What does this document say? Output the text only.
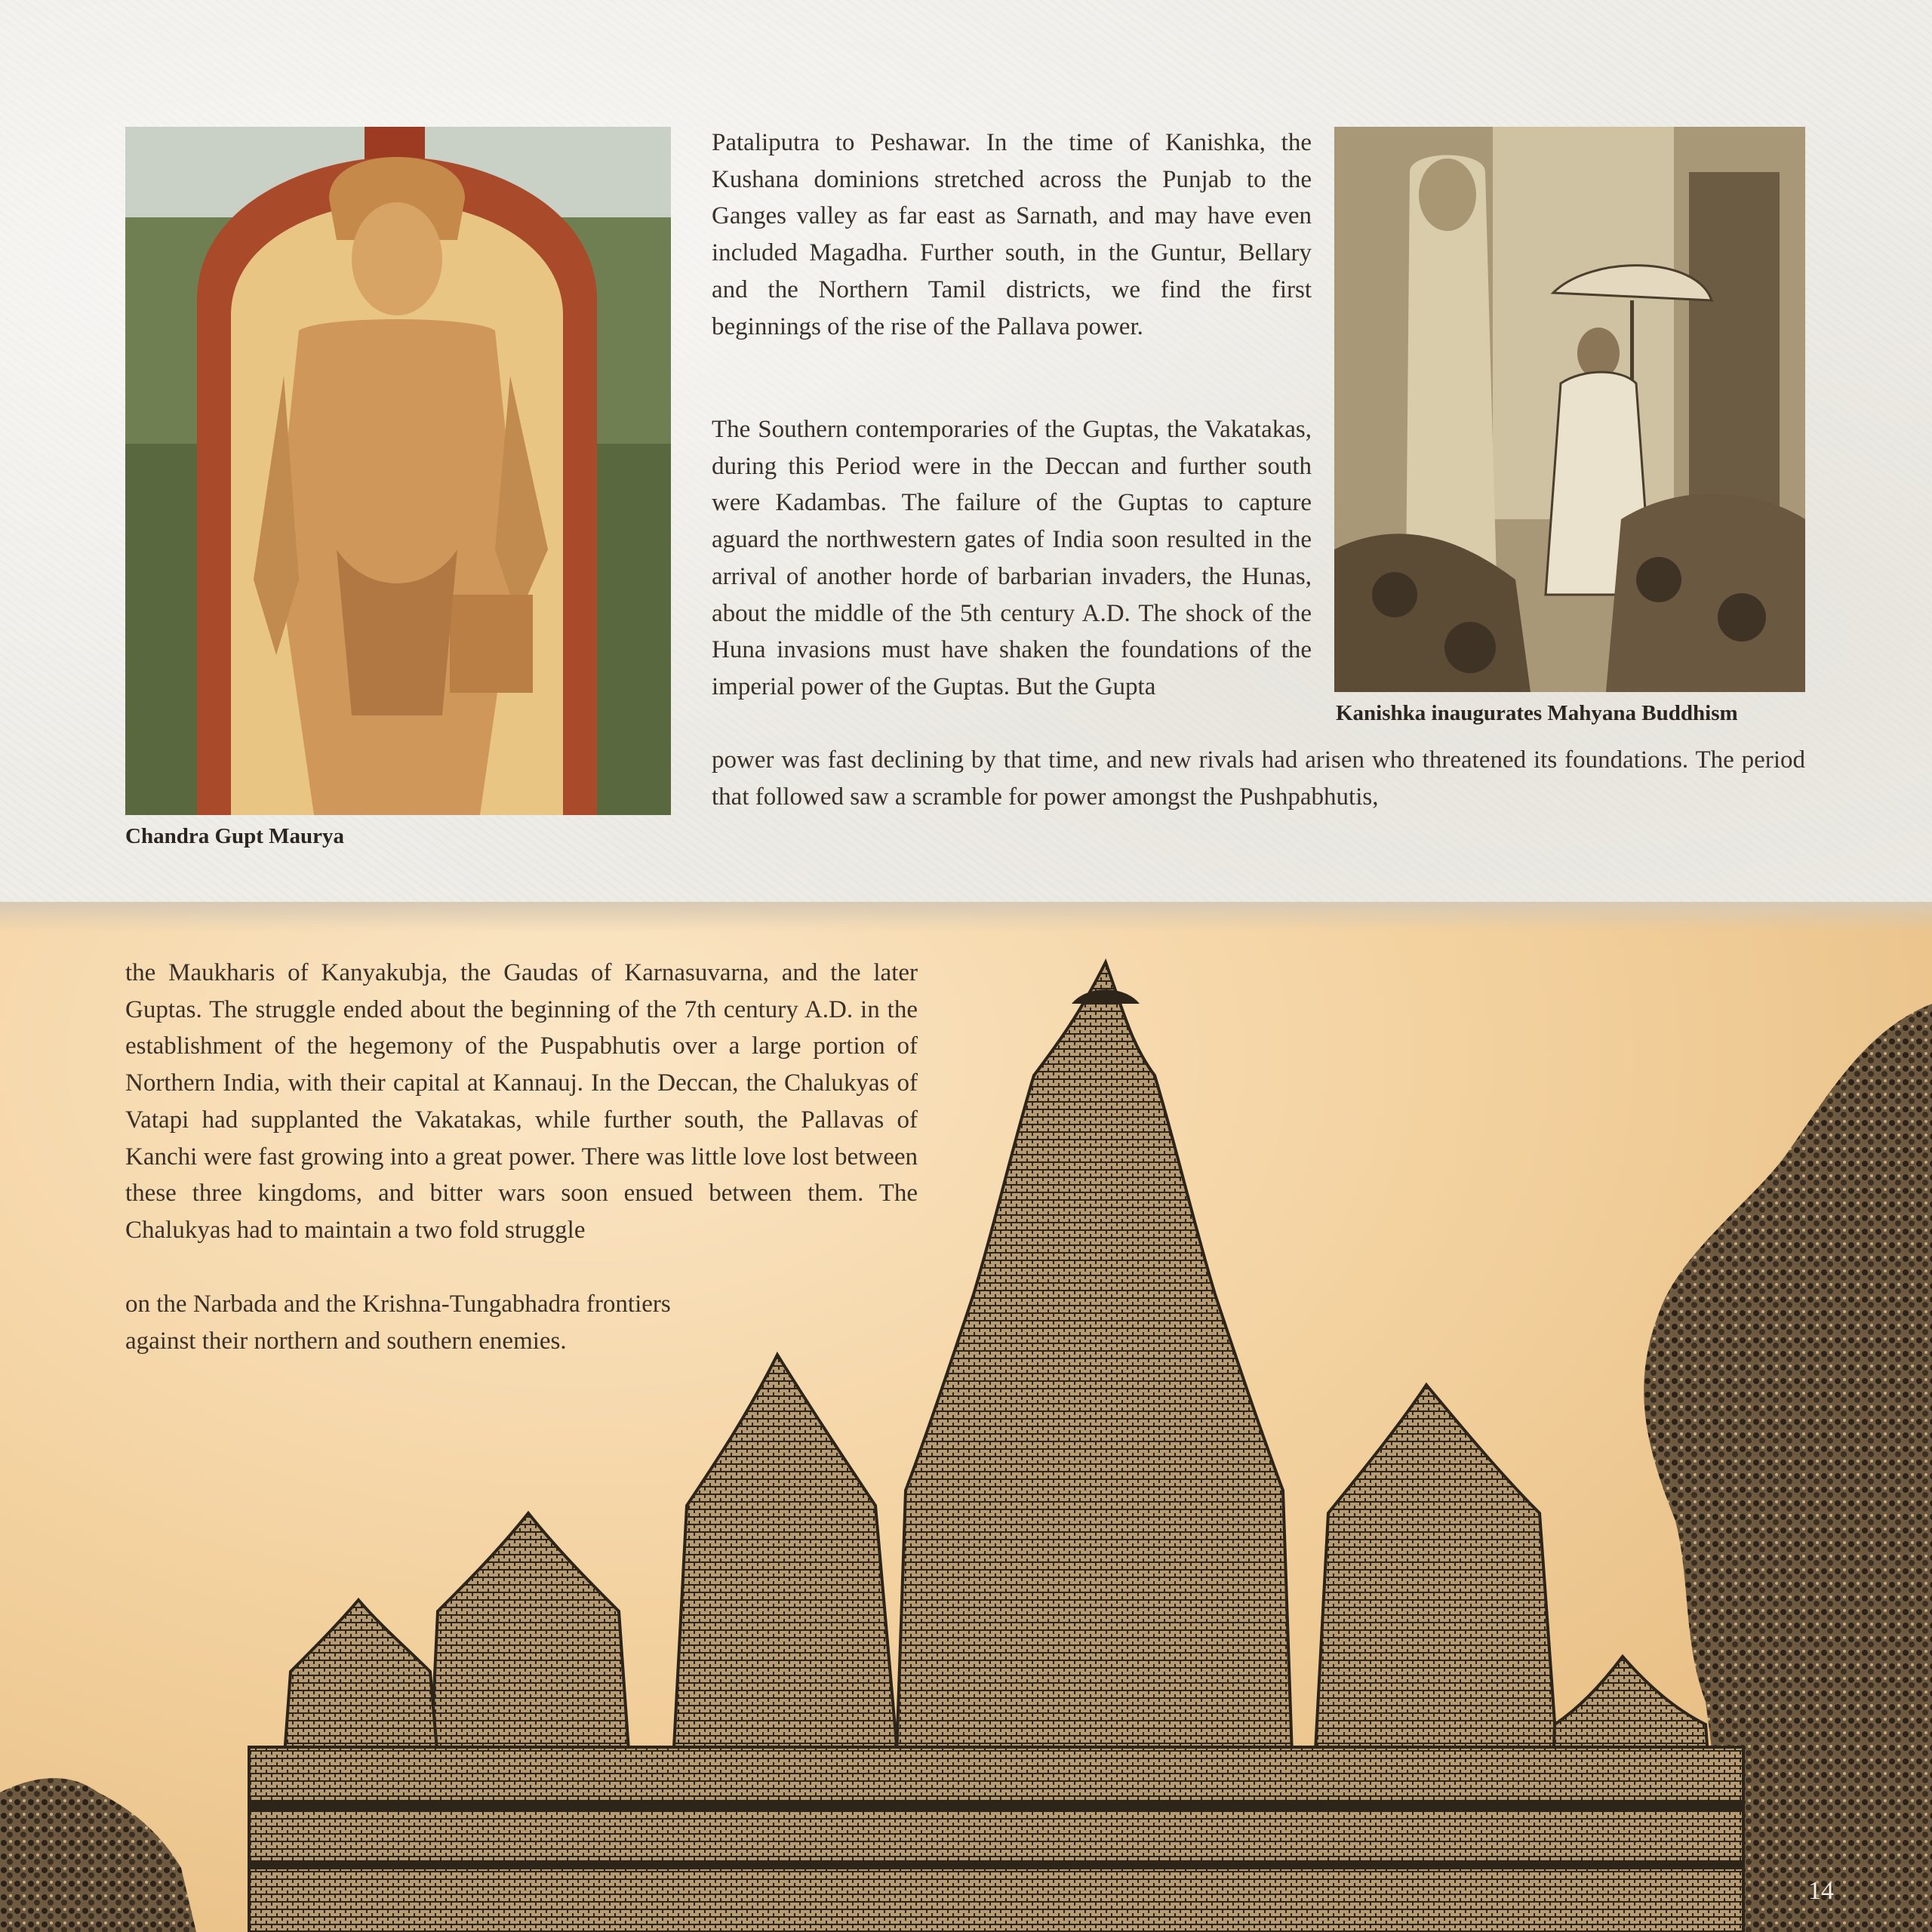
Chandra Gupt Maurya
Kanishka inaugurates Mahyana Buddhism

Pataliputra to Peshawar. In the time of Kanishka, the Kushana dominions stretched across the Punjab to the Ganges valley as far east as Sarnath, and may have even included Magadha. Further south, in the Guntur, Bellary and the Northern Tamil districts, we find the first beginnings of the rise of the Pallava power.

The Southern contemporaries of the Guptas, the Vakatakas, during this Period were in the Deccan and further south were Kadambas. The failure of the Guptas to capture aguard the northwestern gates of India soon resulted in the arrival of another horde of barbarian invaders, the Hunas, about the middle of the 5th century A.D. The shock of the Huna invasions must have shaken the foundations of the imperial power of the Guptas. But the Gupta

power was fast declining by that time, and new rivals had arisen who threatened its foundations. The period that followed saw a scramble for power amongst the Pushpabhutis,

the Maukharis of Kanyakubja, the Gaudas of Karnasuvarna, and the later Guptas. The struggle ended about the beginning of the 7th century A.D. in the establishment of the hegemony of the Puspabhutis over a large portion of Northern India, with their capital at Kannauj. In the Deccan, the Chalukyas of Vatapi had supplanted the Vakatakas, while further south, the Pallavas of Kanchi were fast growing into a great power. There was little love lost between these three kingdoms, and bitter wars soon ensued between them. The Chalukyas had to maintain a two fold struggle

on the Narbada and the Krishna-Tungabhadra frontiers against their northern and southern enemies.

14
